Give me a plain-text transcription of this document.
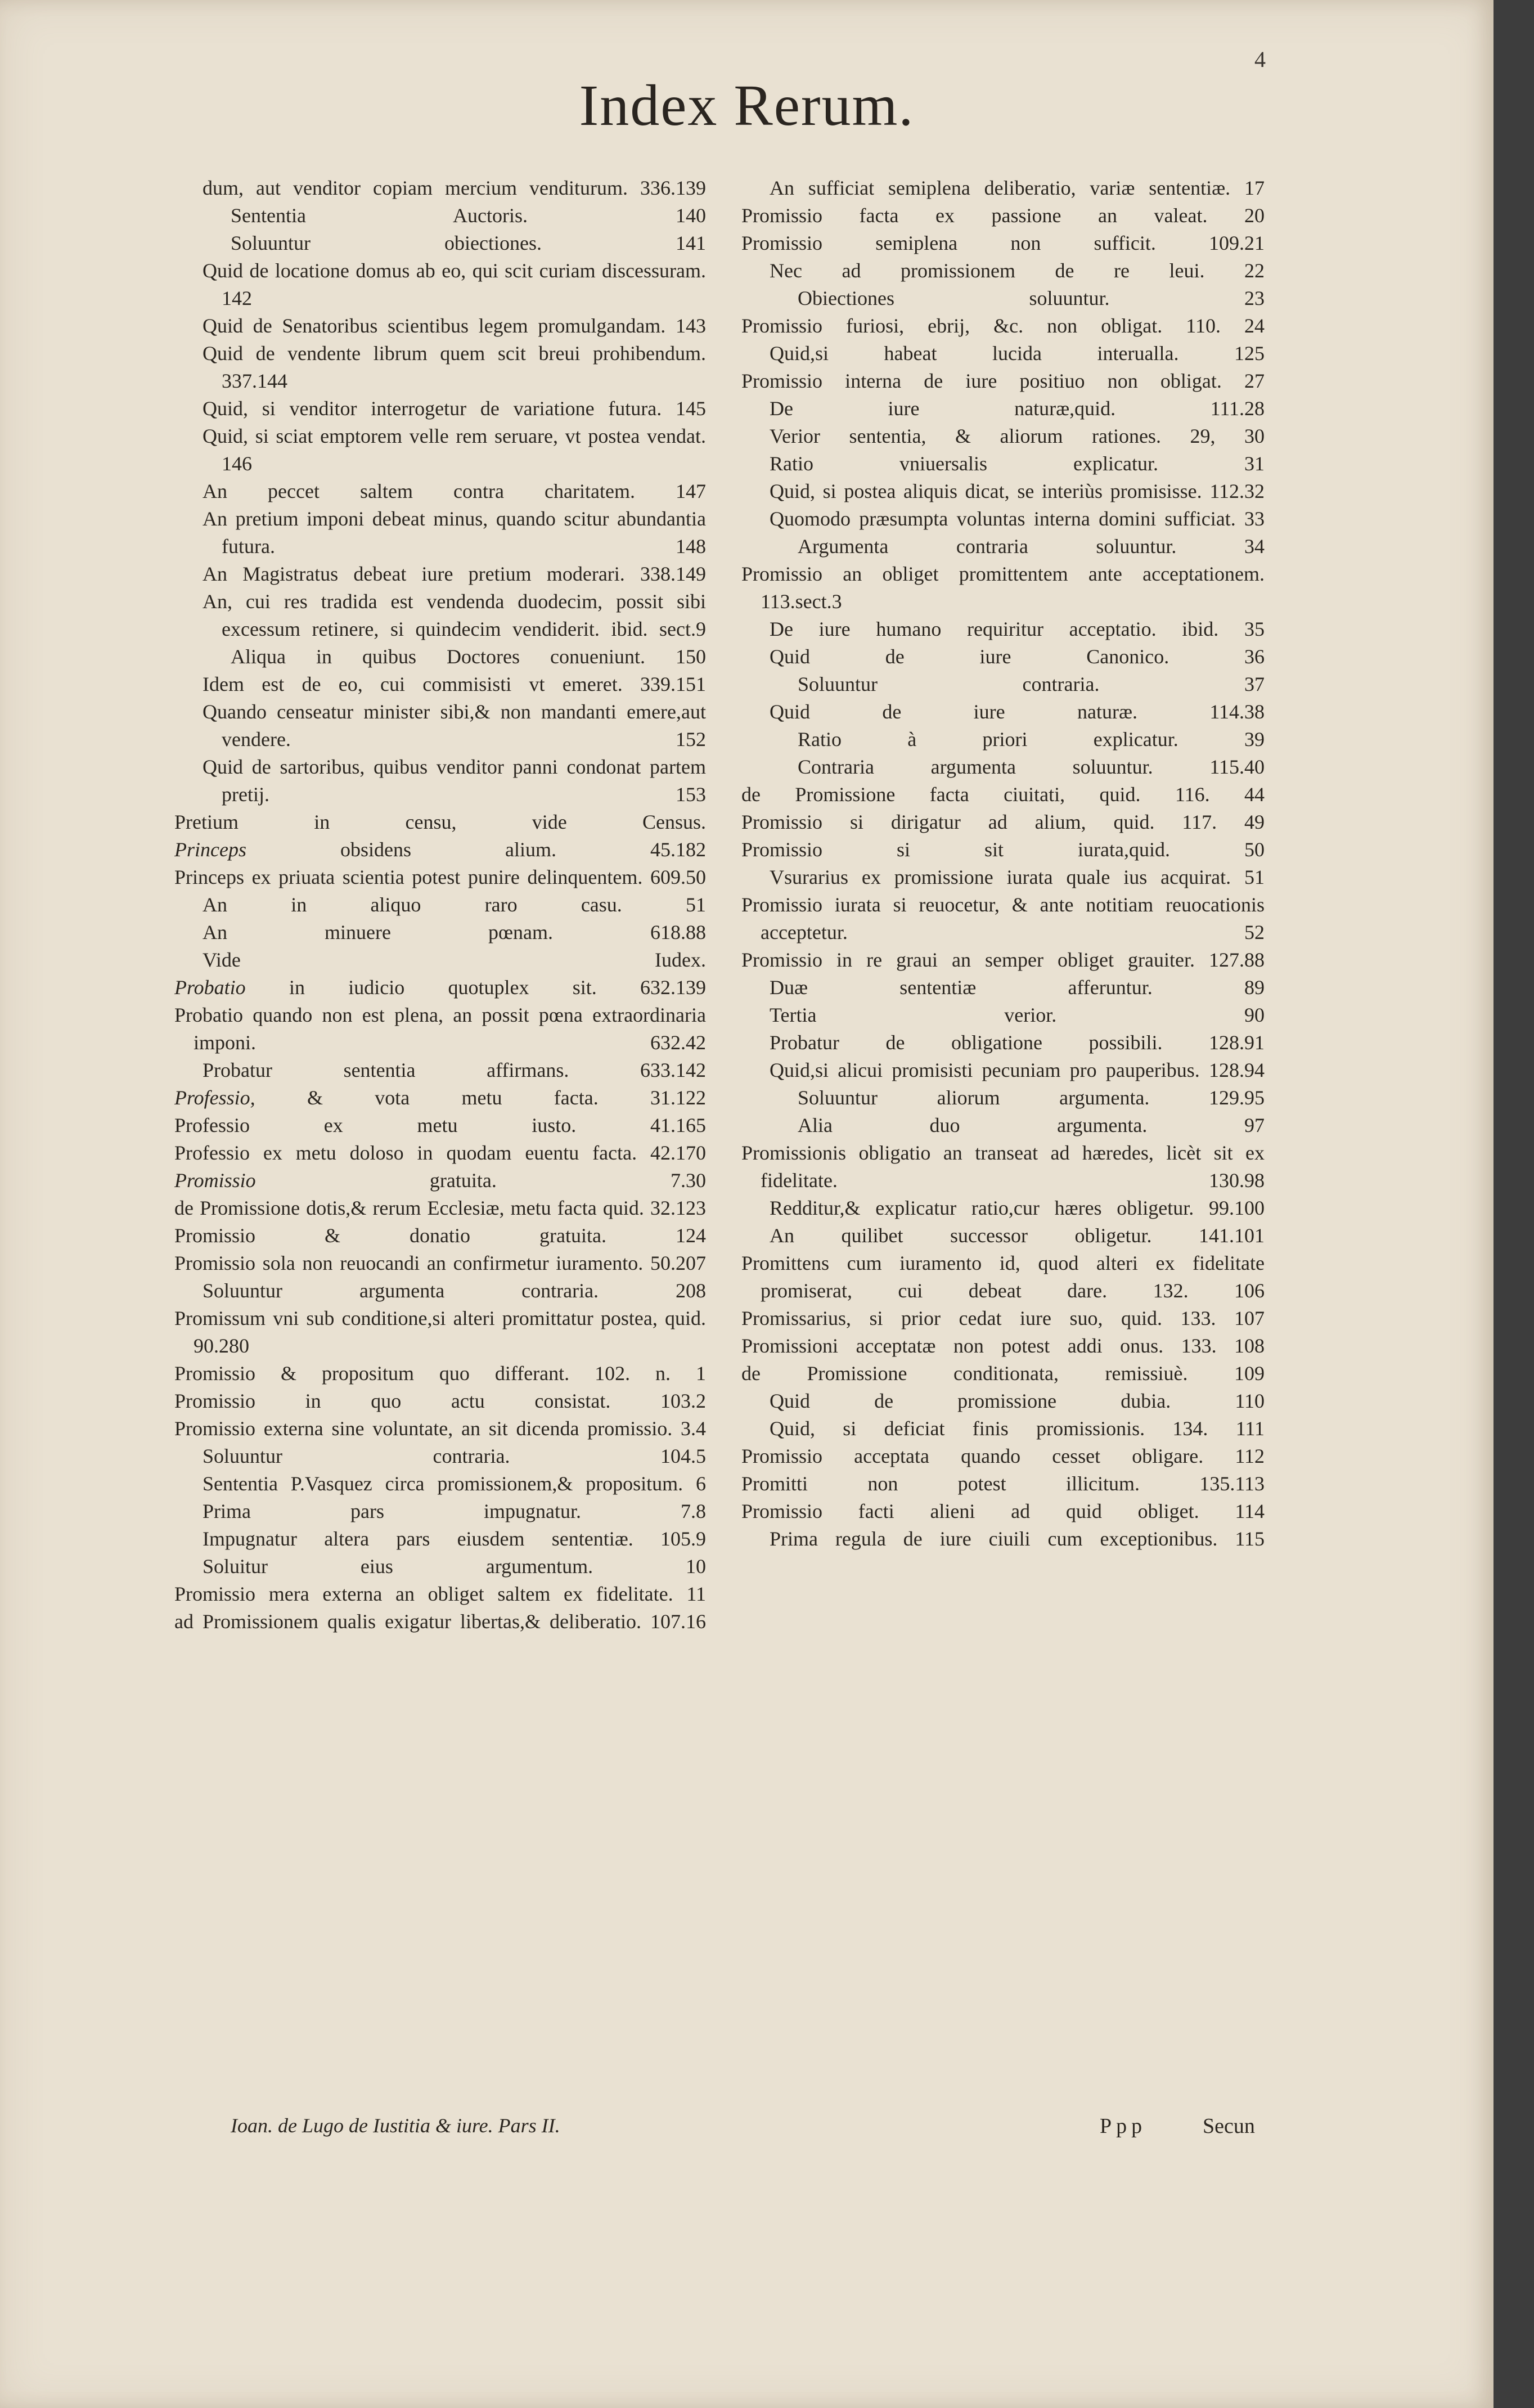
4
Index Rerum.
dum, aut venditor copiam mercium venditurum. 336.139
Sententia Auctoris.	140
Soluuntur obiectiones.	141
Quid de locatione domus ab eo, qui scit curiam discessuram. 142
Quid de Senatoribus scientibus legem promulgandam. 143
Quid de vendente librum quem scit breui prohibendum. 337.144
Quid, si venditor interrogetur de variatione futura. 145
Quid, si sciat emptorem velle rem seruare, vt postea vendat. 146
An peccet saltem contra charitatem. 147
An pretium imponi debeat minus, quando scitur abundantia futura.	148
An Magistratus debeat iure pretium moderari. 338.149
An, cui res tradida est vendenda duodecim, possit sibi excessum retinere, si quindecim vendiderit. ibid. sect.9
Aliqua in quibus Doctores conueniunt. 150
Idem est de eo, cui commisisti vt emeret. 339.151
Quando censeatur minister sibi,& non mandanti emere,aut vendere.	152
Quid de sartoribus, quibus venditor panni condonat partem pretij.	153
Pretium in censu, vide Census.
Princeps	obsidens alium.	45.182
Princeps ex priuata scientia potest punire delinquentem. 609.50
An in aliquo raro casu.	51
An minuere pœnam.	618.88
Vide Iudex.
Probatio in iudicio quotuplex sit. 632.139
Probatio quando non est plena, an possit pœna extraordinaria imponi.	632.42
Probatur sententia affirmans.	633.142
Professio,	& vota metu facta.	31.122
Professio ex metu iusto.	41.165
Professio ex metu doloso in quodam euentu facta. 42.170
Promissio	gratuita.	7.30
de Promissione dotis,& rerum Ecclesiæ, metu facta quid. 32.123
Promissio & donatio gratuita.	124
Promissio sola non reuocandi an confirmetur iuramento. 50.207
Soluuntur argumenta contraria.	208
Promissum vni sub conditione,si alteri promittatur postea, quid. 90.280
Promissio & propositum quo differant. 102. n. 1
Promissio in quo actu consistat. 103.2
Promissio externa sine voluntate, an sit dicenda promissio. 3.4
Soluuntur contraria.	104.5
Sententia P.Vasquez circa promissionem,& propositum. 6
Prima pars impugnatur.	7.8
Impugnatur altera pars eiusdem sententiæ. 105.9
Soluitur eius argumentum.	10
Promissio mera externa an obliget saltem ex fidelitate. 11
ad Promissionem qualis exigatur libertas,& deliberatio. 107.16
An sufficiat semiplena deliberatio, variæ sententiæ. 17
Promissio facta ex passione an valeat. 20
Promissio semiplena non sufficit.	109.21
Nec ad promissionem de re leui. 22
Obiectiones soluuntur.	23
Promissio furiosi, ebrij, &c. non obligat. 110. 24
Quid,si habeat lucida interualla.	125
Promissio interna de iure positiuo non obligat. 27
De iure naturæ,quid.	111.28
Verior sententia, & aliorum rationes. 29, 30
Ratio vniuersalis explicatur.	31
Quid, si postea aliquis dicat, se interiùs promisisse. 112.32
Quomodo præsumpta voluntas interna domini sufficiat. 33
Argumenta contraria soluuntur.	34
Promissio an obliget promittentem ante acceptationem. 113.sect.3
De iure humano requiritur acceptatio. ibid. 35
Quid de iure Canonico.	36
Soluuntur contraria.	37
Quid de iure naturæ.	114.38
Ratio à priori explicatur.	39
Contraria argumenta soluuntur.	115.40
de Promissione facta ciuitati, quid. 116. 44
Promissio si dirigatur ad alium, quid. 117. 49
Promissio si sit iurata,quid.	50
Vsurarius ex promissione iurata quale ius acquirat. 51
Promissio iurata si reuocetur, & ante notitiam reuocationis acceptetur.	52
Promissio in re graui an semper obliget grauiter. 127.88
Duæ sententiæ afferuntur.	89
Tertia verior.	90
Probatur de obligatione possibili. 128.91
Quid,si alicui promisisti pecuniam pro pauperibus. 128.94
Soluuntur aliorum argumenta.	129.95
Alia duo argumenta.	97
Promissionis obligatio an transeat ad hæredes, licèt sit ex fidelitate.	130.98
Redditur,& explicatur ratio,cur hæres obligetur. 99.100
An quilibet successor obligetur. 141.101
Promittens cum iuramento id, quod alteri ex fidelitate promiserat, cui debeat dare. 132. 106
Promissarius, si prior cedat iure suo, quid. 133. 107
Promissioni acceptatæ non potest addi onus. 133. 108
de Promissione conditionata, remissiuè. 109
Quid de promissione dubia.	110
Quid, si deficiat finis promissionis. 134. 111
Promissio acceptata quando cesset obligare. 112
Promitti non potest illicitum.	135.113
Promissio facti alieni ad quid obliget. 114
Prima regula de iure ciuili cum exceptionibus. 115
Ioan. de Lugo de Iustitia & iure. Pars II.	Ppp	Secun
